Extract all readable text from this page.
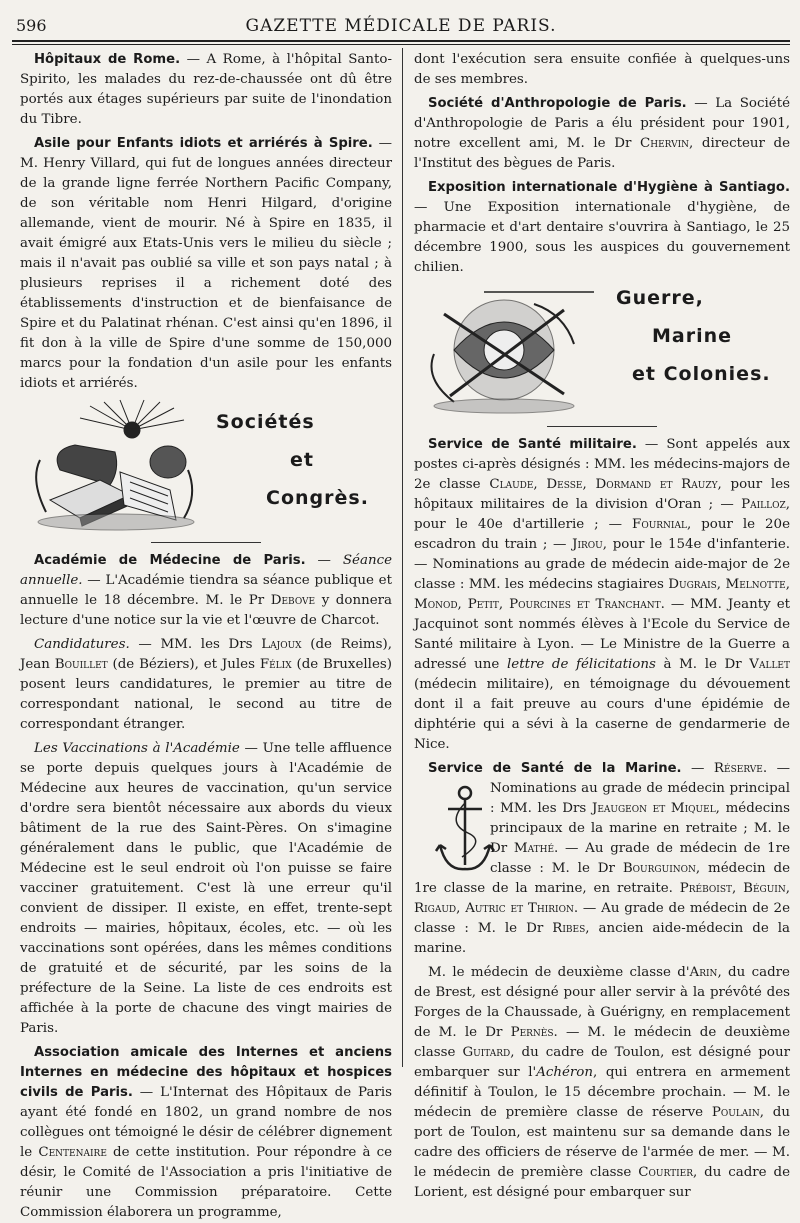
596	GAZETTE MÉDICALE DE PARIS.

Hôpitaux de Rome. — A Rome, à l'hôpital Santo-Spirito, les malades du rez-de-chaussée ont dû être portés aux étages supérieurs par suite de l'inondation du Tibre.

Asile pour Enfants idiots et arriérés à Spire. — M. Henry Villard, qui fut de longues années directeur de la grande ligne ferrée Northern Pacific Company, de son véritable nom Henri Hilgard, d'origine allemande, vient de mourir. Né à Spire en 1835, il avait émigré aux Etats-Unis vers le milieu du siècle ; mais il n'avait pas oublié sa ville et son pays natal ; à plusieurs reprises il a richement doté des établissements d'instruction et de bienfaisance de Spire et du Palatinat rhénan. C'est ainsi qu'en 1896, il fit don à la ville de Spire d'une somme de 150,000 marcs pour la fondation d'un asile pour les enfants idiots et arriérés.

Sociétés
et
Congrès.

Académie de Médecine de Paris. — Séance annuelle. — L'Académie tiendra sa séance publique et annuelle le 18 décembre. M. le Pr Debove y donnera lecture d'une notice sur la vie et l'œuvre de Charcot.

Candidatures. — MM. les Drs Lajoux (de Reims), Jean Bouillet (de Béziers), et Jules Félix (de Bruxelles) posent leurs candidatures, le premier au titre de correspondant national, le second au titre de correspondant étranger.

Les Vaccinations à l'Académie — Une telle affluence se porte depuis quelques jours à l'Académie de Médecine aux heures de vaccination, qu'un service d'ordre sera bientôt nécessaire aux abords du vieux bâtiment de la rue des Saint-Pères. On s'imagine généralement dans le public, que l'Académie de Médecine est le seul endroit où l'on puisse se faire vacciner gratuitement. C'est là une erreur qu'il convient de dissiper. Il existe, en effet, trente-sept endroits — mairies, hôpitaux, écoles, etc. — où les vaccinations sont opérées, dans les mêmes conditions de gratuité et de sécurité, par les soins de la préfecture de la Seine. La liste de ces endroits est affichée à la porte de chacune des vingt mairies de Paris.

Association amicale des Internes et anciens Internes en médecine des hôpitaux et hospices civils de Paris. — L'Internat des Hôpitaux de Paris ayant été fondé en 1802, un grand nombre de nos collègues ont témoigné le désir de célébrer dignement le Centenaire de cette institution. Pour répondre à ce désir, le Comité de l'Association a pris l'initiative de réunir une Commission préparatoire. Cette Commission élaborera un programme,

dont l'exécution sera ensuite confiée à quelques-uns de ses membres.

Société d'Anthropologie de Paris. — La Société d'Anthropologie de Paris a élu président pour 1901, notre excellent ami, M. le Dr Chervin, directeur de l'Institut des bègues de Paris.

Exposition internationale d'Hygiène à Santiago. — Une Exposition internationale d'hygiène, de pharmacie et d'art dentaire s'ouvrira à Santiago, le 25 décembre 1900, sous les auspices du gouvernement chilien.

Guerre,
Marine
et Colonies.

Service de Santé militaire. — Sont appelés aux postes ci-après désignés : MM. les médecins-majors de 2e classe Claude, Desse, Dormand et Rauzy, pour les hôpitaux militaires de la division d'Oran ; — Pailloz, pour le 40e d'artillerie ; — Fournial, pour le 20e escadron du train ; — Jirou, pour le 154e d'infanterie. — Nominations au grade de médecin aide-major de 2e classe : MM. les médecins stagiaires Dugrais, Melnotte, Monod, Petit, Pourcines et Tranchant. — MM. Jeanty et Jacquinot sont nommés élèves à l'Ecole du Service de Santé militaire à Lyon. — Le Ministre de la Guerre a adressé une lettre de félicitations à M. le Dr Vallet (médecin militaire), en témoignage du dévouement dont il a fait preuve au cours d'une épidémie de diphtérie qui a sévi à la caserne de gendarmerie de Nice.

Service de Santé de la Marine. — Réserve.
— Nominations au grade de médecin principal : MM. les Drs Jeaugeon et Miquel, médecins principaux de la marine en retraite ; M. le Dr Mathé. — Au grade de médecin de 1re classe : M. le Dr Bourguinon, médecin de 1re classe de la marine, en retraite. Préboist, Béguin, Rigaud, Autric et Thirion. — Au grade de médecin de 2e classe : M. le Dr Ribes, ancien aide-médecin de la marine.

M. le médecin de deuxième classe d'Arin, du cadre de Brest, est désigné pour aller servir à la prévôté des Forges de la Chaussade, à Guérigny, en remplacement de M. le Dr Pernès. — M. le médecin de deuxième classe Guitard, du cadre de Toulon, est désigné pour embarquer sur l'Achéron, qui entrera en armement définitif à Toulon, le 15 décembre prochain. — M. le médecin de première classe de réserve Poulain, du port de Toulon, est maintenu sur sa demande dans le cadre des officiers de réserve de l'armée de mer. — M. le médecin de première classe Courtier, du cadre de Lorient, est désigné pour embarquer sur
